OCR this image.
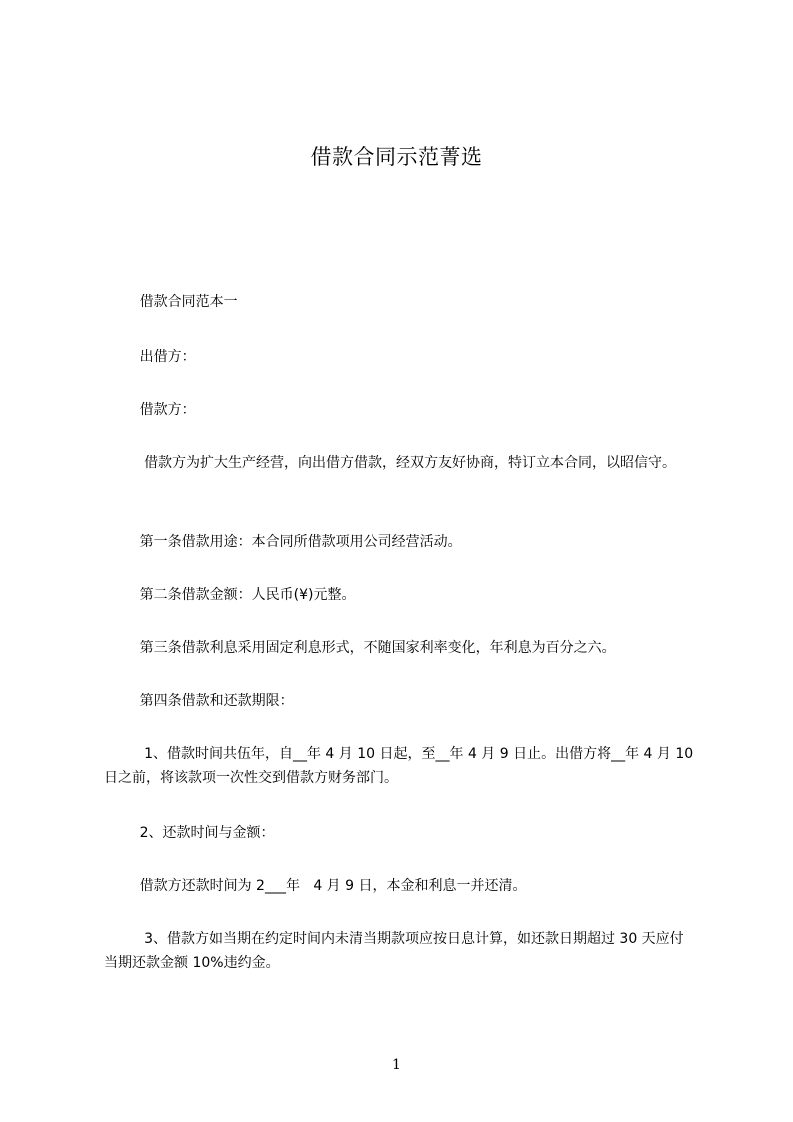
借款合同示范菁选
借款合同范本一
出借方：
借款方：
借款方为扩大生产经营，向出借方借款，经双方友好协商，特订立本合同，以昭信守。
第一条借款用途：本合同所借款项用公司经营活动。
第二条借款金额：人民币(¥)元整。
第三条借款利息采用固定利息形式，不随国家利率变化，年利息为百分之六。
第四条借款和还款期限：
1、借款时间共伍年，自__年 4 月 10 日起，至__年 4 月 9 日止。出借方将__年 4 月 10 日之前，将该款项一次性交到借款方财务部门。
2、还款时间与金额：
借款方还款时间为 2___年   4 月 9 日，本金和利息一并还清。
3、借款方如当期在约定时间内未清当期款项应按日息计算，如还款日期超过 30 天应付当期还款金额 10%违约金。
1
